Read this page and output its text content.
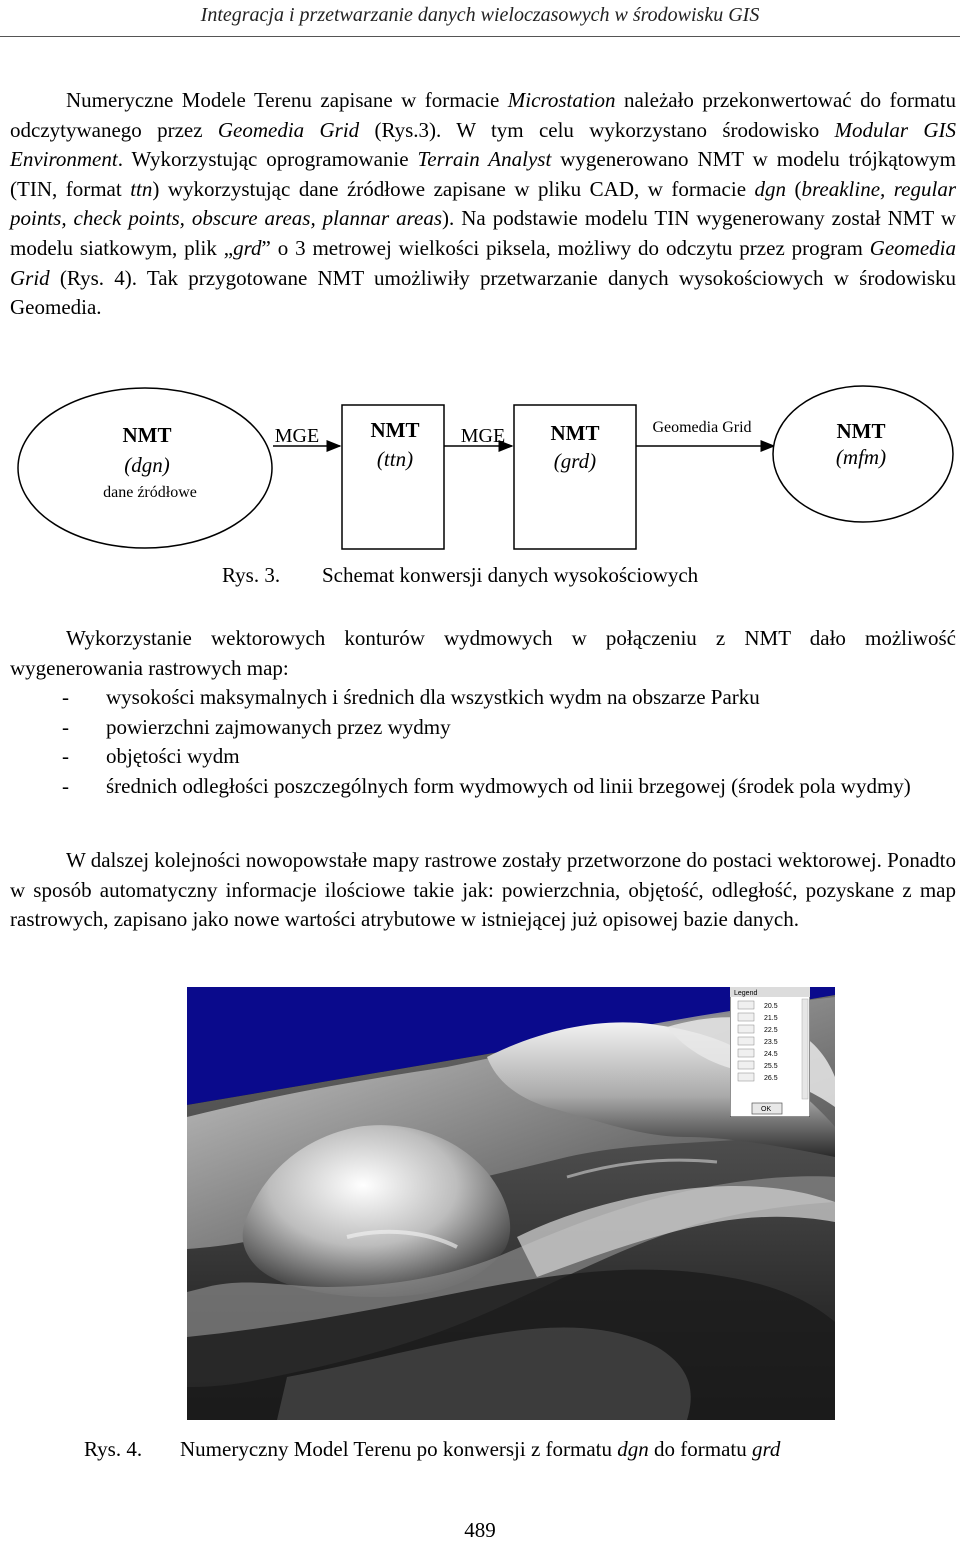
Integracja i przetwarzanie danych wieloczasowych w środowisku GIS

Numeryczne Modele Terenu zapisane w formacie Microstation należało przekonwertować do formatu odczytywanego przez Geomedia Grid (Rys.3). W tym celu wykorzystano środowisko Modular GIS Environment. Wykorzystując oprogramowanie Terrain Analyst wygenerowano NMT w modelu trójkątowym (TIN, format ttn) wykorzystując dane źródłowe zapisane w pliku CAD, w formacie dgn (breakline, regular points, check points, obscure areas, plannar areas). Na podstawie modelu TIN wygenerowany został NMT w modelu siatkowym, plik „grd” o 3 metrowej wielkości piksela, możliwy do odczytu przez program Geomedia Grid (Rys. 4). Tak przygotowane NMT umożliwiły przetwarzanie danych wysokościowych w środowisku Geomedia.

NMT
(dgn)
dane źródłowe
MGE NMT
(ttn)
MGE NMT
(grd)
Geomedia Grid	NMT
(mfm)
Rys. 3. Schemat konwersji danych wysokościowych

Wykorzystanie wektorowych konturów wydmowych w połączeniu z NMT dało możliwość wygenerowania rastrowych map:

- wysokości maksymalnych i średnich dla wszystkich wydm na obszarze Parku
- powierzchni zajmowanych przez wydmy
- objętości wydm
- średnich odległości poszczególnych form wydmowych od linii brzegowej (środek pola wydmy)

W dalszej kolejności nowopowstałe mapy rastrowe zostały przetworzone do postaci wektorowej. Ponadto w sposób automatyczny informacje ilościowe takie jak: powierzchnia, objętość, odległość, pozyskane z map rastrowych, zapisano jako nowe wartości atrybutowe w istniejącej już opisowej bazie danych.

Legend
20.5
21.5
22.5
23.5
24.5
25.5
26.5
OK
Rys. 4. Numeryczny Model Terenu po konwersji z formatu dgn do formatu grd
489
